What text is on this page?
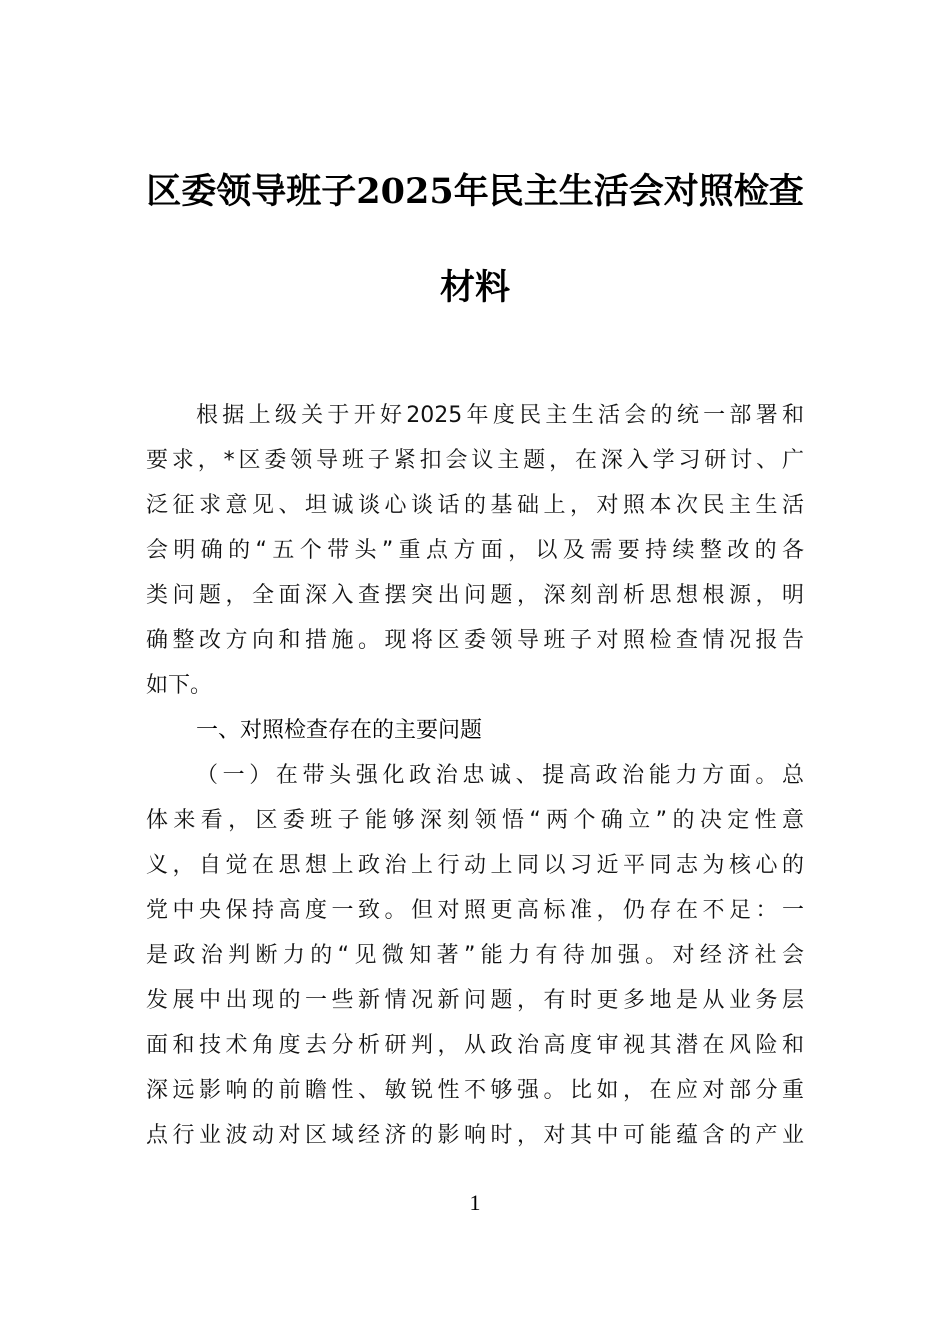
区委领导班子2025年民主生活会对照检查
材料
根据上级关于开好2025年度民主生活会的统一部署和
要求，*区委领导班子紧扣会议主题，在深入学习研讨、广
泛征求意见、坦诚谈心谈话的基础上，对照本次民主生活
会明确的“五个带头”重点方面，以及需要持续整改的各
类问题，全面深入查摆突出问题，深刻剖析思想根源，明
确整改方向和措施。现将区委领导班子对照检查情况报告
如下。
一、对照检查存在的主要问题
（一）在带头强化政治忠诚、提高政治能力方面。总
体来看，区委班子能够深刻领悟“两个确立”的决定性意
义，自觉在思想上政治上行动上同以习近平同志为核心的
党中央保持高度一致。但对照更高标准，仍存在不足：一
是政治判断力的“见微知著”能力有待加强。对经济社会
发展中出现的一些新情况新问题，有时更多地是从业务层
面和技术角度去分析研判，从政治高度审视其潜在风险和
深远影响的前瞻性、敏锐性不够强。比如，在应对部分重
点行业波动对区域经济的影响时，对其中可能蕴含的产业
1
